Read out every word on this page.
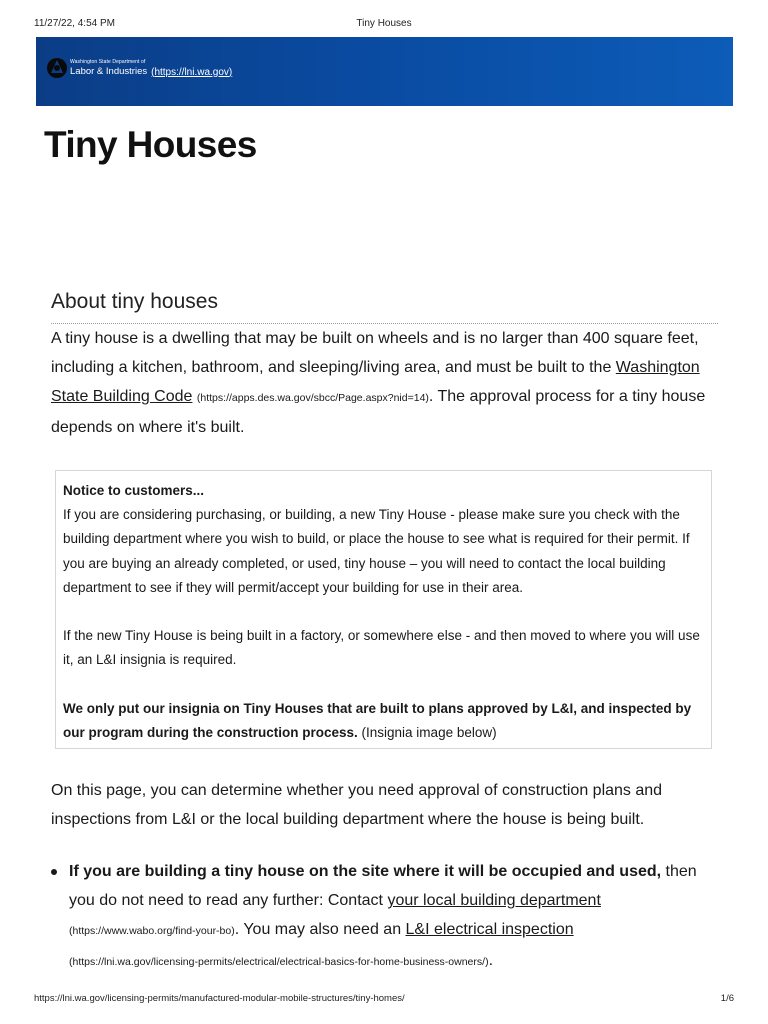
11/27/22, 4:54 PM	Tiny Houses
Washington State Department of
Labor & Industries (https://lni.wa.gov)
Tiny Houses
About tiny houses

A tiny house is a dwelling that may be built on wheels and is no larger than 400 square feet, including a kitchen, bathroom, and sleeping/living area, and must be built to the Washington State Building Code (https://apps.des.wa.gov/sbcc/Page.aspx?nid=14). The approval process for a tiny house depends on where it's built.

Notice to customers...

If you are considering purchasing, or building, a new Tiny House - please make sure you check with the building department where you wish to build, or place the house to see what is required for their permit. If you are buying an already completed, or used, tiny house – you will need to contact the local building department to see if they will permit/accept your building for use in their area.

If the new Tiny House is being built in a factory, or somewhere else - and then moved to where you will use it, an L&I insignia is required.

We only put our insignia on Tiny Houses that are built to plans approved by L&I, and inspected by our program during the construction process. (Insignia image below)

On this page, you can determine whether you need approval of construction plans and inspections from L&I or the local building department where the house is being built.

If you are building a tiny house on the site where it will be occupied and used, then you do not need to read any further: Contact your local building department
(https://www.wabo.org/find-your-bo). You may also need an L&I electrical inspection
(https://lni.wa.gov/licensing-permits/electrical/electrical-basics-for-home-business-owners/).
https://lni.wa.gov/licensing-permits/manufactured-modular-mobile-structures/tiny-homes/	1/6
